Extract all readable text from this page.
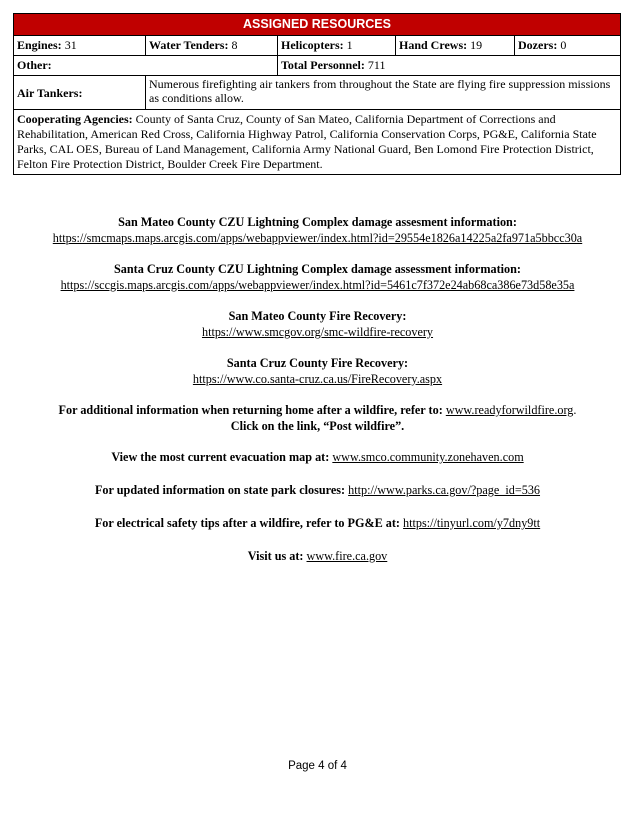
ASSIGNED RESOURCES
Engines: 31	Water Tenders: 8	Helicopters: 1	Hand Crews: 19	Dozers: 0
Other:	Total Personnel: 711
Air Tankers:
Numerous firefighting air tankers from throughout the State are flying fire suppression missions as conditions allow.
Cooperating Agencies: County of Santa Cruz, County of San Mateo, California Department of Corrections and Rehabilitation, American Red Cross, California Highway Patrol, California Conservation Corps, PG&E, California State Parks, CAL OES, Bureau of Land Management, California Army National Guard, Ben Lomond Fire Protection District, Felton Fire Protection District, Boulder Creek Fire Department.
San Mateo County CZU Lightning Complex damage assesment information:
https://smcmaps.maps.arcgis.com/apps/webappviewer/index.html?id=29554e1826a14225a2fa971a5bbcc30a
Santa Cruz County CZU Lightning Complex damage assessment information:
https://sccgis.maps.arcgis.com/apps/webappviewer/index.html?id=5461c7f372e24ab68ca386e73d58e35a
San Mateo County Fire Recovery:
https://www.smcgov.org/smc-wildfire-recovery
Santa Cruz County Fire Recovery:
https://www.co.santa-cruz.ca.us/FireRecovery.aspx
For additional information when returning home after a wildfire, refer to: www.readyforwildfire.org.
Click on the link, “Post wildfire”.
View the most current evacuation map at: www.smco.community.zonehaven.com
For updated information on state park closures: http://www.parks.ca.gov/?page_id=536
For electrical safety tips after a wildfire, refer to PG&E at: https://tinyurl.com/y7dny9tt
Visit us at: www.fire.ca.gov
Page 4 of 4
